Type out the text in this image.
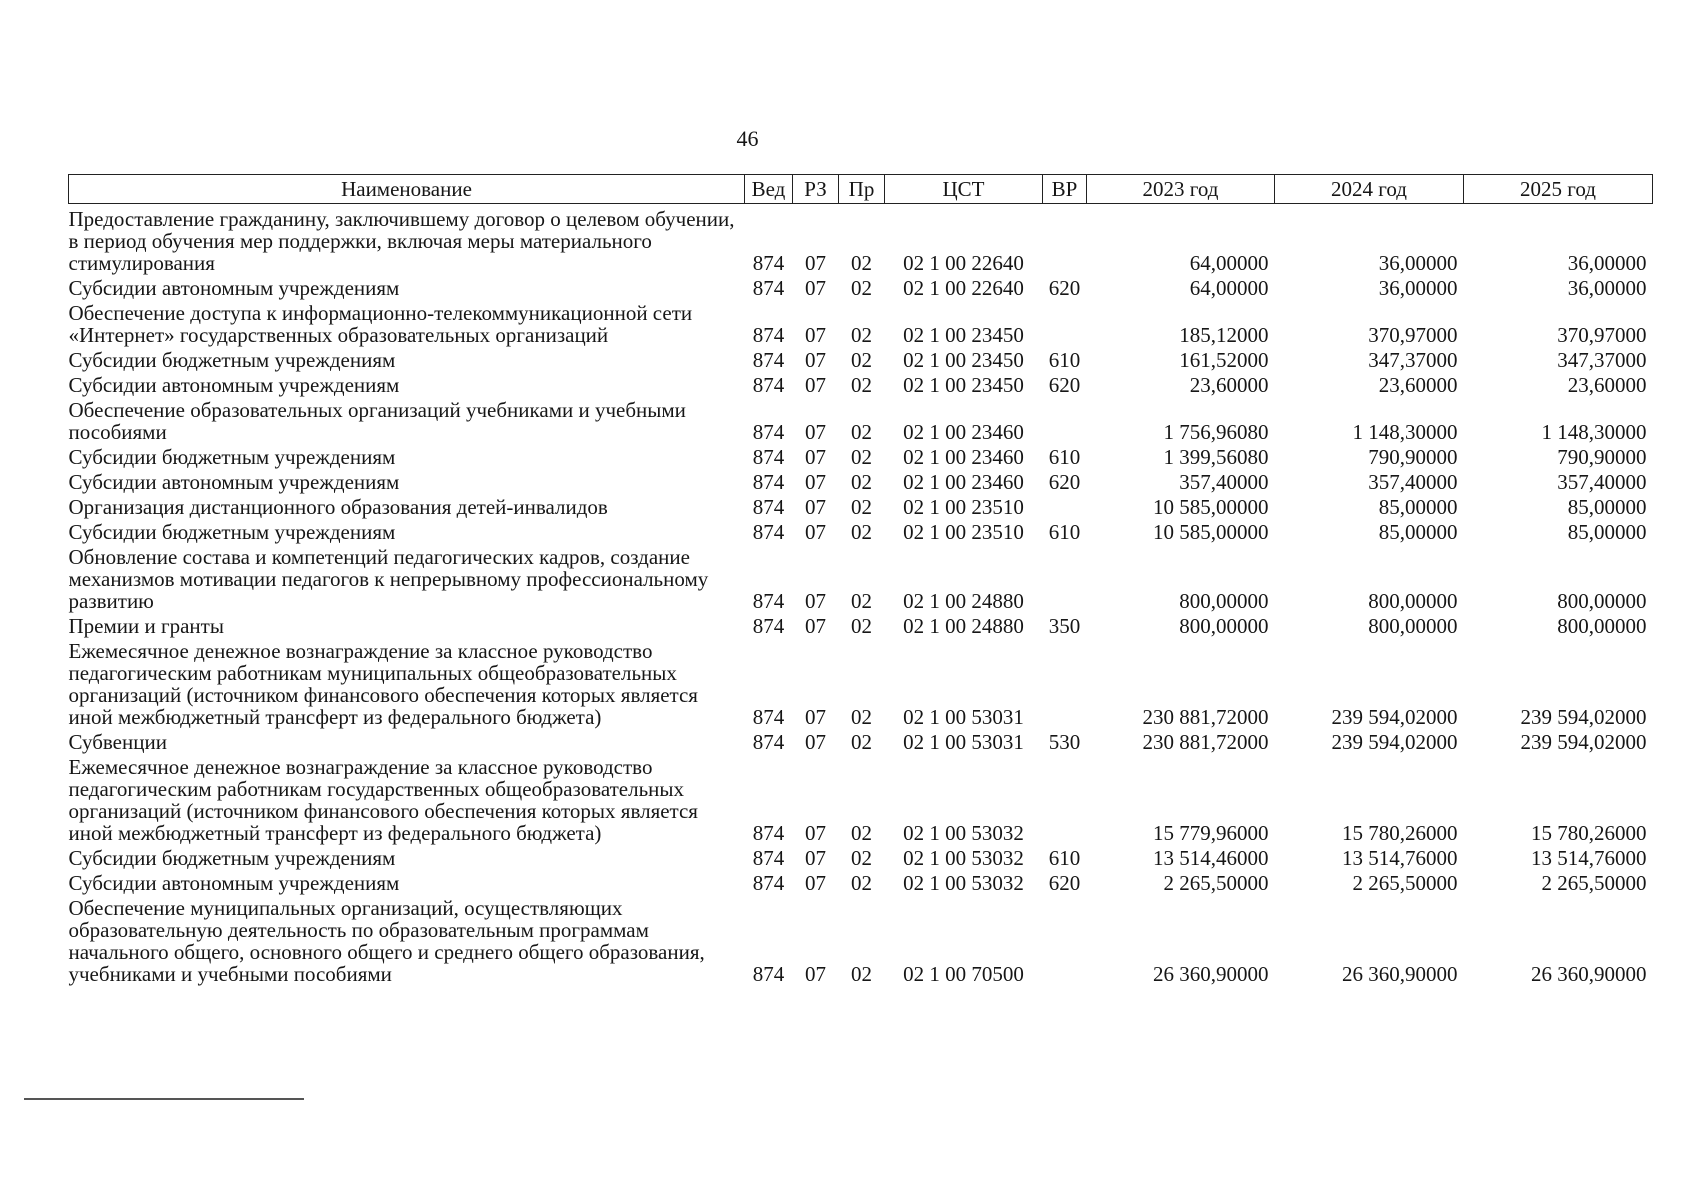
46
Наименование	Вед	РЗ	Пр	ЦСТ	ВР	2023 год	2024 год	2025 год
Предоставление гражданину, заключившему договор о целевом обучении, в период обучения мер поддержки, включая меры материального стимулирования	874	07	02	02 1 00 22640		64,00000	36,00000	36,00000
Субсидии автономным учреждениям	874	07	02	02 1 00 22640	620	64,00000	36,00000	36,00000
Обеспечение доступа к информационно-телекоммуникационной сети «Интернет» государственных образовательных организаций	874	07	02	02 1 00 23450		185,12000	370,97000	370,97000
Субсидии бюджетным учреждениям	874	07	02	02 1 00 23450	610	161,52000	347,37000	347,37000
Субсидии автономным учреждениям	874	07	02	02 1 00 23450	620	23,60000	23,60000	23,60000
Обеспечение образовательных организаций учебниками и учебными пособиями	874	07	02	02 1 00 23460		1 756,96080	1 148,30000	1 148,30000
Субсидии бюджетным учреждениям	874	07	02	02 1 00 23460	610	1 399,56080	790,90000	790,90000
Субсидии автономным учреждениям	874	07	02	02 1 00 23460	620	357,40000	357,40000	357,40000
Организация дистанционного образования детей-инвалидов	874	07	02	02 1 00 23510		10 585,00000	85,00000	85,00000
Субсидии бюджетным учреждениям	874	07	02	02 1 00 23510	610	10 585,00000	85,00000	85,00000
Обновление состава и компетенций педагогических кадров, создание механизмов мотивации педагогов к непрерывному профессиональному развитию	874	07	02	02 1 00 24880		800,00000	800,00000	800,00000
Премии и гранты	874	07	02	02 1 00 24880	350	800,00000	800,00000	800,00000
Ежемесячное денежное вознаграждение за классное руководство педагогическим работникам муниципальных общеобразовательных организаций (источником финансового обеспечения которых является иной межбюджетный трансферт из федерального бюджета)	874	07	02	02 1 00 53031		230 881,72000	239 594,02000	239 594,02000
Субвенции	874	07	02	02 1 00 53031	530	230 881,72000	239 594,02000	239 594,02000
Ежемесячное денежное вознаграждение за классное руководство педагогическим работникам государственных общеобразовательных организаций (источником финансового обеспечения которых является иной межбюджетный трансферт из федерального бюджета)	874	07	02	02 1 00 53032		15 779,96000	15 780,26000	15 780,26000
Субсидии бюджетным учреждениям	874	07	02	02 1 00 53032	610	13 514,46000	13 514,76000	13 514,76000
Субсидии автономным учреждениям	874	07	02	02 1 00 53032	620	2 265,50000	2 265,50000	2 265,50000
Обеспечение муниципальных организаций, осуществляющих образовательную деятельность по образовательным программам начального общего, основного общего и среднего общего образования, учебниками и учебными пособиями	874	07	02	02 1 00 70500		26 360,90000	26 360,90000	26 360,90000
